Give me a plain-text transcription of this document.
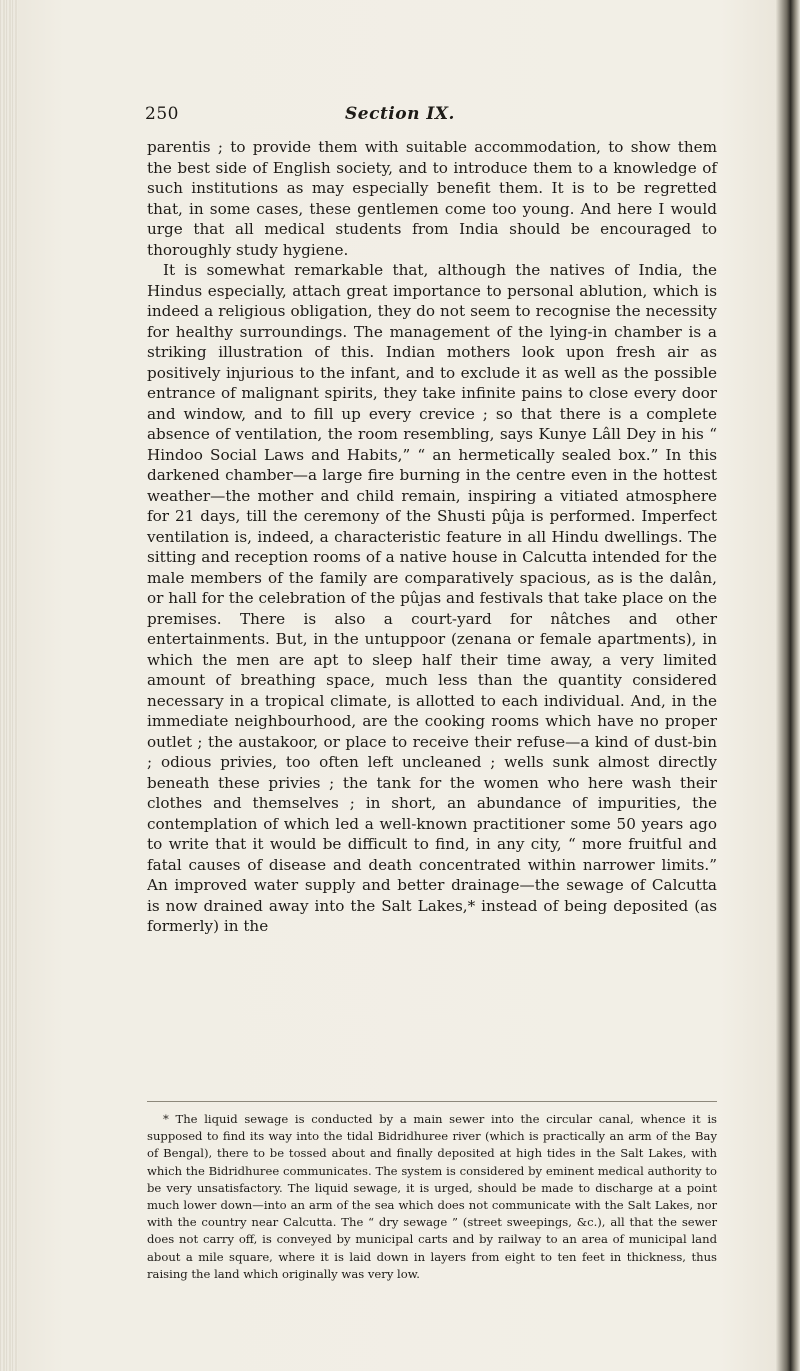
250	Section IX.

parentis ; to provide them with suitable accommodation, to show them the best side of English society, and to introduce them to a knowledge of such institutions as may especially benefit them. It is to be regretted that, in some cases, these gentlemen come too young. And here I would urge that all medical students from India should be encouraged to thoroughly study hygiene.

It is somewhat remarkable that, although the natives of India, the Hindus especially, attach great importance to personal ablution, which is indeed a religious obligation, they do not seem to recognise the necessity for healthy surroundings. The management of the lying-in chamber is a striking illustration of this. Indian mothers look upon fresh air as positively injurious to the infant, and to exclude it as well as the possible entrance of malignant spirits, they take infinite pains to close every door and window, and to fill up every crevice ; so that there is a complete absence of ventilation, the room resembling, says Kunye Lâll Dey in his “ Hindoo Social Laws and Habits,” “ an hermetically sealed box.” In this darkened chamber—a large fire burning in the centre even in the hottest weather—the mother and child remain, inspiring a vitiated atmosphere for 21 days, till the ceremony of the Shusti pûja is performed. Imperfect ventilation is, indeed, a characteristic feature in all Hindu dwellings. The sitting and reception rooms of a native house in Calcutta intended for the male members of the family are comparatively spacious, as is the dalân, or hall for the celebration of the pûjas and festivals that take place on the premises. There is also a court-yard for nâtches and other entertainments. But, in the untuppoor (zenana or female apartments), in which the men are apt to sleep half their time away, a very limited amount of breathing space, much less than the quantity considered necessary in a tropical climate, is allotted to each individual. And, in the immediate neighbourhood, are the cooking rooms which have no proper outlet ; the austakoor, or place to receive their refuse—a kind of dust-bin ; odious privies, too often left uncleaned ; wells sunk almost directly beneath these privies ; the tank for the women who here wash their clothes and themselves ; in short, an abundance of impurities, the contemplation of which led a well-known practitioner some 50 years ago to write that it would be difficult to find, in any city, “ more fruitful and fatal causes of disease and death concentrated within narrower limits.” An improved water supply and better drainage—the sewage of Calcutta is now drained away into the Salt Lakes,* instead of being deposited (as formerly) in the

* The liquid sewage is conducted by a main sewer into the circular canal, whence it is supposed to find its way into the tidal Bidridhuree river (which is practically an arm of the Bay of Bengal), there to be tossed about and finally deposited at high tides in the Salt Lakes, with which the Bidridhuree communicates. The system is considered by eminent medical authority to be very unsatisfactory. The liquid sewage, it is urged, should be made to discharge at a point much lower down—into an arm of the sea which does not communicate with the Salt Lakes, nor with the country near Calcutta. The “ dry sewage ” (street sweepings, &c.), all that the sewer does not carry off, is conveyed by municipal carts and by railway to an area of municipal land about a mile square, where it is laid down in layers from eight to ten feet in thickness, thus raising the land which originally was very low.
